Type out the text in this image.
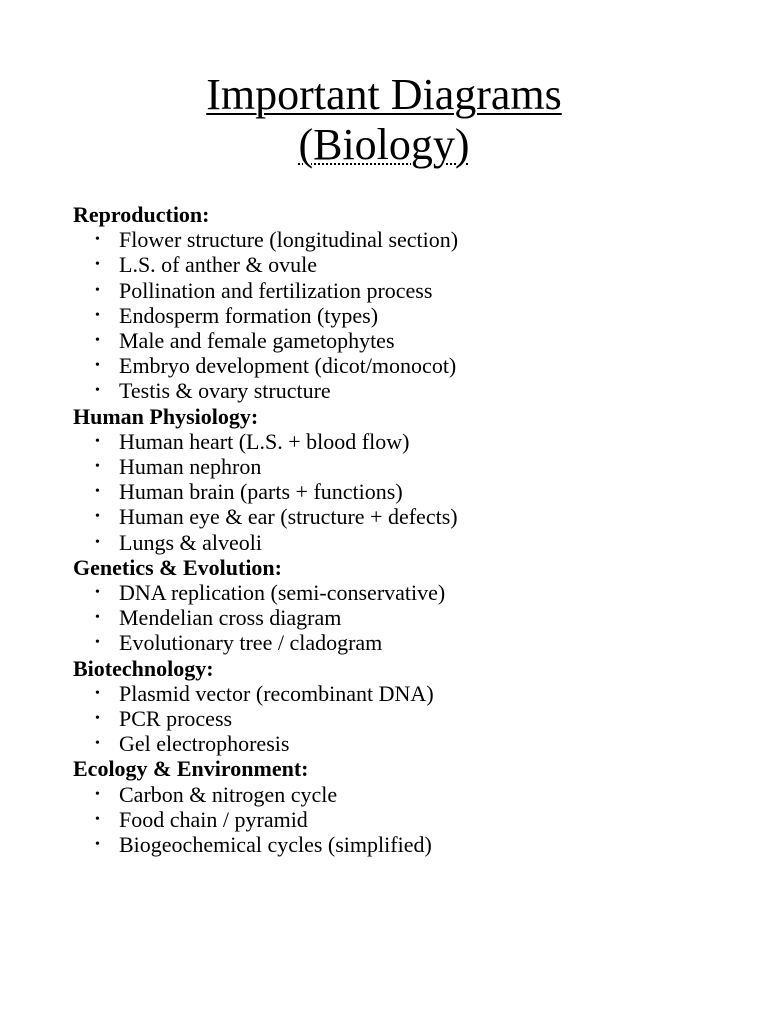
Important Diagrams
(Biology)
Reproduction:
• Flower structure (longitudinal section)
• L.S. of anther & ovule
• Pollination and fertilization process
• Endosperm formation (types)
• Male and female gametophytes
• Embryo development (dicot/monocot)
• Testis & ovary structure
Human Physiology:
• Human heart (L.S. + blood flow)
• Human nephron
• Human brain (parts + functions)
• Human eye & ear (structure + defects)
• Lungs & alveoli
Genetics & Evolution:
• DNA replication (semi-conservative)
• Mendelian cross diagram
• Evolutionary tree / cladogram
Biotechnology:
• Plasmid vector (recombinant DNA)
• PCR process
• Gel electrophoresis
Ecology & Environment:
• Carbon & nitrogen cycle
• Food chain / pyramid
• Biogeochemical cycles (simplified)
